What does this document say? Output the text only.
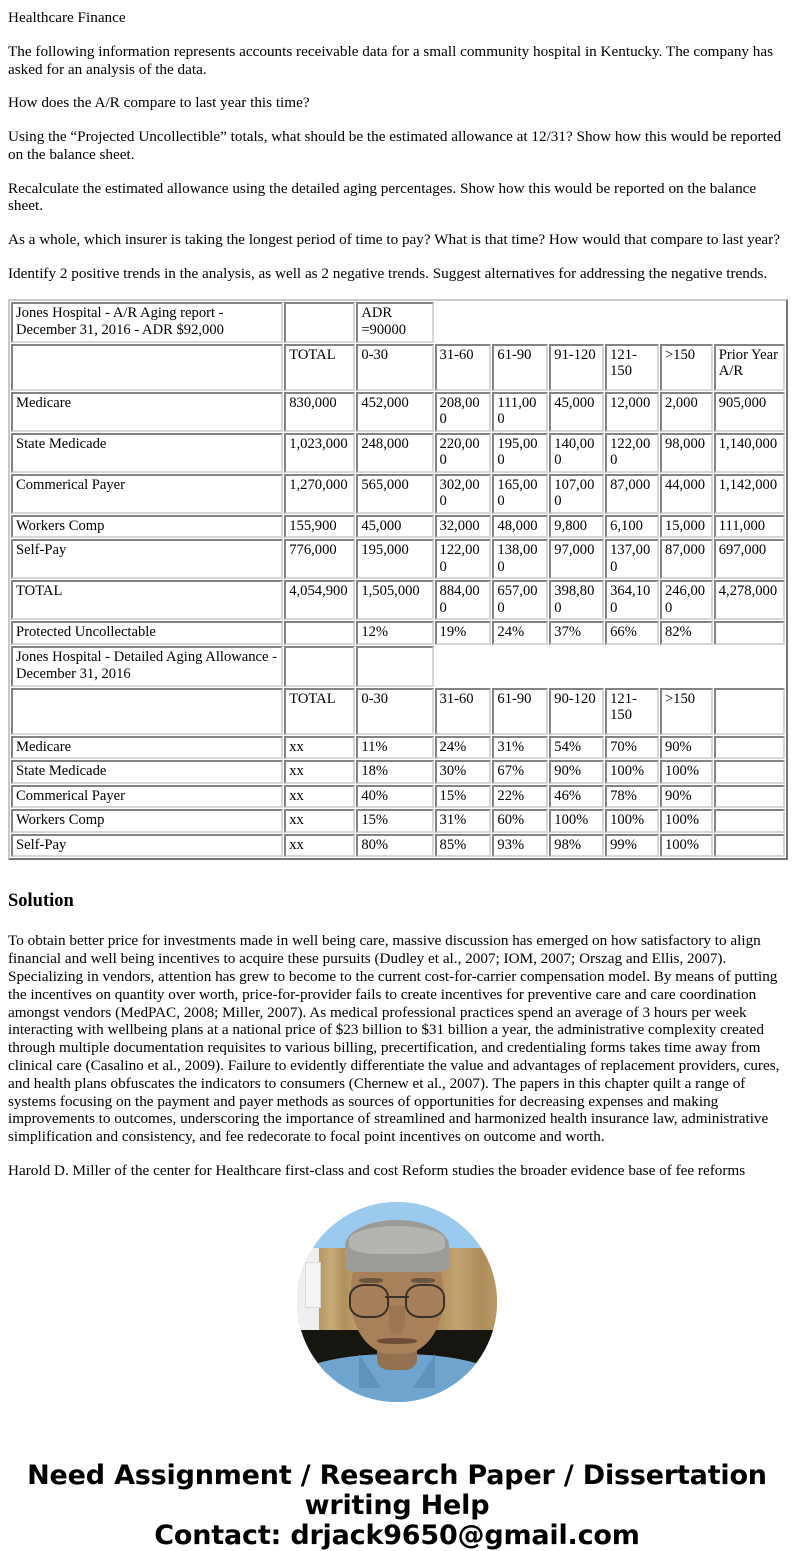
Healthcare Finance

The following information represents accounts receivable data for a small community hospital in Kentucky. The company has asked for an analysis of the data.

How does the A/R compare to last year this time?

Using the “Projected Uncollectible” totals, what should be the estimated allowance at 12/31? Show how this would be reported on the balance sheet.

Recalculate the estimated allowance using the detailed aging percentages. Show how this would be reported on the balance sheet.

As a whole, which insurer is taking the longest period of time to pay? What is that time? How would that compare to last year?

Identify 2 positive trends in the analysis, as well as 2 negative trends. Suggest alternatives for addressing the negative trends.

Jones Hospital - A/R Aging report - December 31, 2016 - ADR $92,000		ADR =90000						
	TOTAL	0-30	31-60	61-90	91-120	121-150	>150	Prior Year A/R
Medicare	830,000	452,000	208,000	111,000	45,000	12,000	2,000	905,000
State Medicade	1,023,000	248,000	220,000	195,000	140,000	122,000	98,000	1,140,000
Commerical Payer	1,270,000	565,000	302,000	165,000	107,000	87,000	44,000	1,142,000
Workers Comp	155,900	45,000	32,000	48,000	9,800	6,100	15,000	111,000
Self-Pay	776,000	195,000	122,000	138,000	97,000	137,000	87,000	697,000
TOTAL	4,054,900	1,505,000	884,000	657,000	398,800	364,100	246,000	4,278,000
Protected Uncollectable		12%	19%	24%	37%	66%	82%	
Jones Hospital - Detailed Aging Allowance - December 31, 2016								
	TOTAL	0-30	31-60	61-90	90-120	121-150	>150	
Medicare	xx	11%	24%	31%	54%	70%	90%	
State Medicade	xx	18%	30%	67%	90%	100%	100%	
Commerical Payer	xx	40%	15%	22%	46%	78%	90%	
Workers Comp	xx	15%	31%	60%	100%	100%	100%	
Self-Pay	xx	80%	85%	93%	98%	99%	100%	
Solution

To obtain better price for investments made in well being care, massive discussion has emerged on how satisfactory to align financial and well being incentives to acquire these pursuits (Dudley et al., 2007; IOM, 2007; Orszag and Ellis, 2007). Specializing in vendors, attention has grew to become to the current cost-for-carrier compensation model. By means of putting the incentives on quantity over worth, price-for-provider fails to create incentives for preventive care and care coordination amongst vendors (MedPAC, 2008; Miller, 2007). As medical professional practices spend an average of 3 hours per week interacting with wellbeing plans at a national price of $23 billion to $31 billion a year, the administrative complexity created through multiple documentation requisites to various billing, precertification, and credentialing forms takes time away from clinical care (Casalino et al., 2009). Failure to evidently differentiate the value and advantages of replacement providers, cures, and health plans obfuscates the indicators to consumers (Chernew et al., 2007). The papers in this chapter quilt a range of systems focusing on the payment and payer methods as sources of opportunities for decreasing expenses and making improvements to outcomes, underscoring the importance of streamlined and harmonized health insurance law, administrative simplification and consistency, and fee redecorate to focal point incentives on outcome and worth.

Harold D. Miller of the center for Healthcare first-class and cost Reform studies the broader evidence base of fee reforms

Need Assignment / Research Paper / Dissertation
writing Help
Contact: drjack9650@gmail.com
